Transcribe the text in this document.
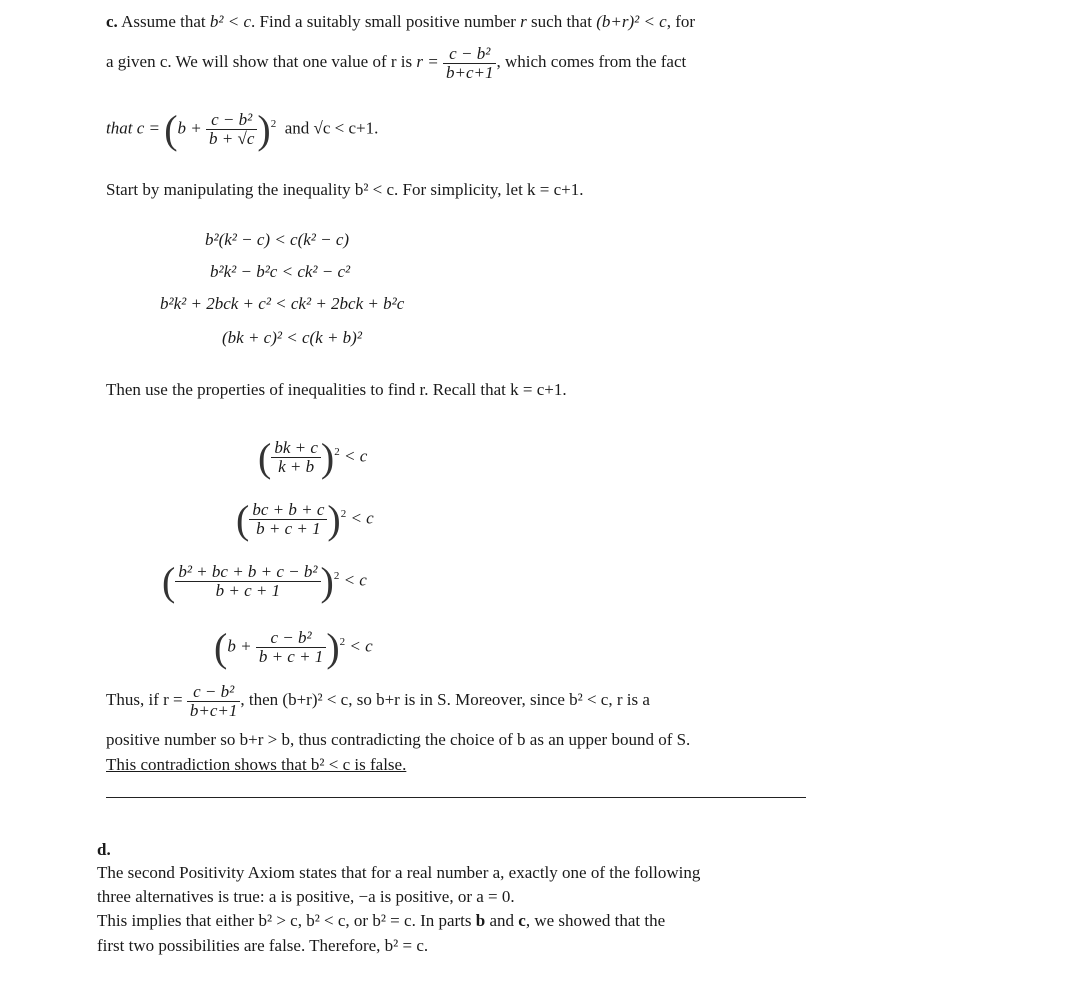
c. Assume that b² < c. Find a suitably small positive number r such that (b+r)² < c, for
a given c. We will show that one value of r is $r = \frac{\text{c − b²}}{b+c+1}$ , which comes from the fact
that $c = (b + \frac{\text{c − b²}}{b + √c} )^2$ and √c < c+1.
Start by manipulating the inequality b² < c. For simplicity, let k = c+1.
b²(k² − c) < c(k² − c)
b²k² − b²c < ck² − c²
b²k² + 2bck + c² < ck² + 2bck + b²c
(bk + c)² < c(k + b)²
Then use the properties of inequalities to find r. Recall that k = c+1.
( $\frac{bk + c}{k + b} )^2 < c$
( $\frac{bc + b + c}{b + c + 1} )^2 < c$
( $\frac{\text{b² + bc + b + c − b²}}{b + c + 1} )^2 < c$
$(b + \frac{\text{c − b²}}{b + c + 1} )^2 < c$
Thus, if $r = \frac{\text{c − b²}}{b+c+1}$ , then (b+r)² < c, so b+r is in S. Moreover, since b² < c, r is a
positive number so b+r > b, thus contradicting the choice of b as an upper bound of S.
This contradiction shows that b² < c is false.
d.
The second Positivity Axiom states that for a real number a, exactly one of the following
three alternatives is true: a is positive, −a is positive, or a = 0.
This implies that either b² > c, b² < c, or b² = c. In parts b and c, we showed that the
first two possibilities are false. Therefore, b² = c.
